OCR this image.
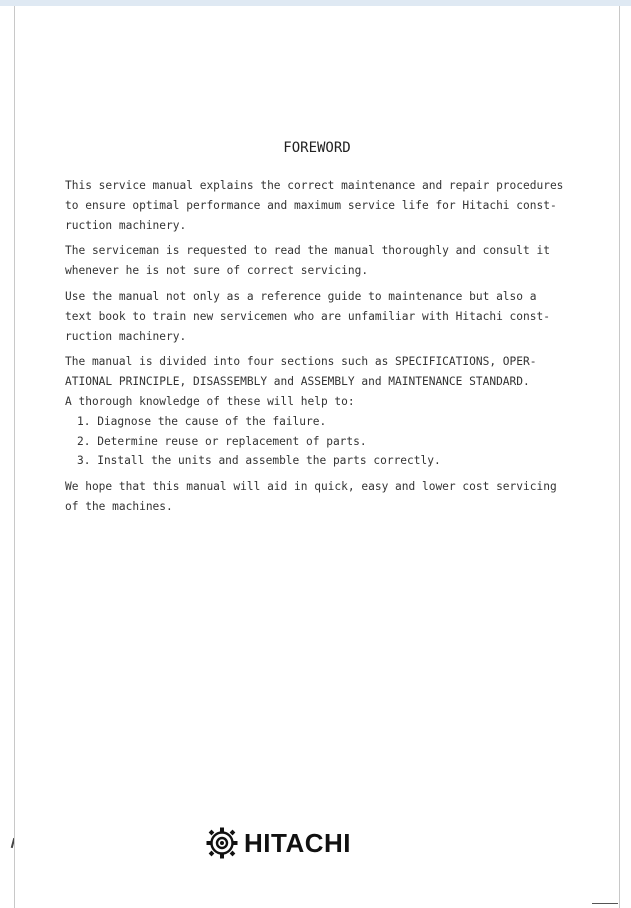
FOREWORD

This service manual explains the correct maintenance and repair procedures
to ensure optimal performance and maximum service life for Hitachi const-
ruction machinery.

The serviceman is requested to read the manual thoroughly and consult it
whenever he is not sure of correct servicing.

Use the manual not only as a reference guide to maintenance but also a
text book to train new servicemen who are unfamiliar with Hitachi const-
ruction machinery.

The manual is divided into four sections such as SPECIFICATIONS, OPER-
ATIONAL PRINCIPLE, DISASSEMBLY and ASSEMBLY and MAINTENANCE STANDARD.
A thorough knowledge of these will help to:

1. Diagnose the cause of the failure.
2. Determine reuse or replacement of parts.
3. Install the units and assemble the parts correctly.

We hope that this manual will aid in quick, easy and lower cost servicing
of the machines.

HITACHI
